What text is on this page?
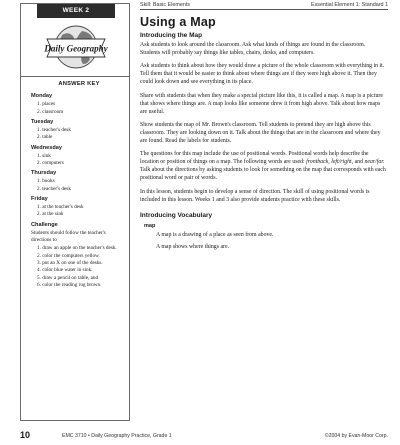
WEEK 2
Daily Geography
ANSWER KEY
Monday
1. places
2. classroom
Tuesday
1. teacher's desk
2. table
Wednesday
1. sink
2. computers
Thursday
1. books
2. teacher's desk
Friday
1. at the teacher's desk
2. at the sink
Challenge
Students should follow the teacher's directions to
1. draw an apple on the teacher's desk.
2. color the computers yellow.
3. put an X on one of the desks.
4. color blue water in sink.
5. draw a pencil on table, and
6. color the reading rug brown.
Skill: Basic Elements	Essential Element 1: Standard 1
Using a Map
Introducing the Map

Ask students to look around the classroom. Ask what kinds of things are found in the classroom. Students will probably say things like tables, chairs, desks, and computers.

Ask students to think about how they would draw a picture of the whole classroom with everything in it. Tell them that it would be easier to think about where things are if they were high above it. Then they could look down and see everything in its place.

Share with students that when they make a special picture like this, it is called a map. A map is a picture that shows where things are. A map looks like someone drew it from high above. Talk about how maps are useful.

Show students the map of Mr. Brown's classroom. Tell students to pretend they are high above this classroom. They are looking down on it. Talk about the things that are in the classroom and where they are found. Read the labels for students.

The questions for this map include the use of positional words. Positional words help describe the location or position of things on a map. The following words are used: frontback, left/right, and near/far. Talk about the directions by asking students to look for something on the map that corresponds with each positional word or pair of words.

In this lesson, students begin to develop a sense of direction. The skill of using positional words is included in this lesson. Weeks 1 and 3 also provide students practice with these skills.

Introducing Vocabulary
map
A map is a drawing of a place as seen from above.
A map shows where things are.
10	EMC 3710 • Daily Geography Practice, Grade 1	©2004 by Evan-Moor Corp.
